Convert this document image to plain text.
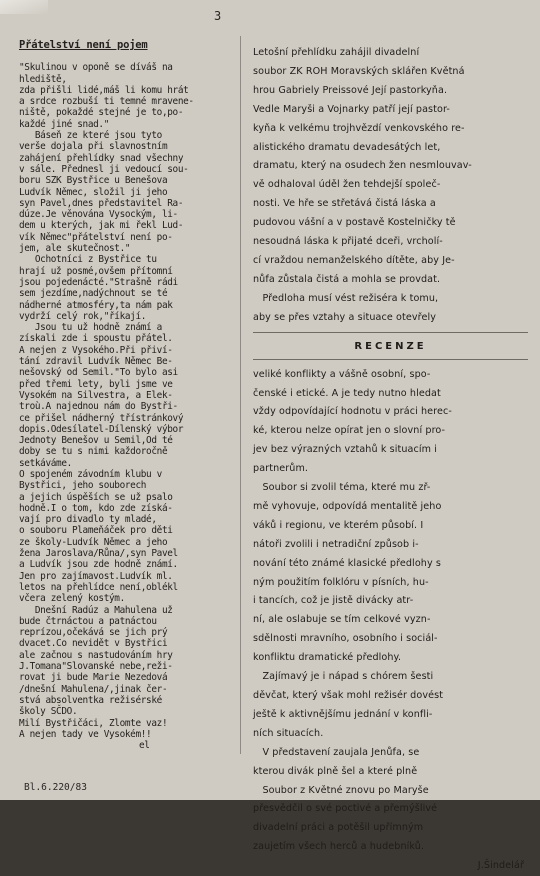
3
Přátelství není pojem

"Skulinou v oponě se díváš na

hlediště,

zda přišli lidé,máš li komu hrát

a srdce rozbuší ti temné mravene-

niště, pokaždé stejné je to,po-

každé jiné snad."

Báseň ze které jsou tyto

verše dojala při slavnostním

zahájení přehlídky snad všechny

v sále. Přednesl ji vedoucí sou-

boru SZK Bystřice u Benešova

Ludvík Němec, složil ji jeho

syn Pavel,dnes představitel Ra-

dúze.Je věnována Vysockým, li-

dem u kterých, jak mi řekl Lud-

vík Němec"přátelství není po-

jem, ale skutečnost."

Ochotníci z Bystřice tu

hrají už posmé,ovšem přítomní

jsou pojedenácté."Strašně rádi

sem jezdíme,nadýchnout se té

nádherné atmosféry,ta nám pak

vydrží celý rok,"říkají.

Jsou tu už hodně známí a

získali zde i spoustu přátel.

A nejen z Vysokého.Při přiví-

tání zdravil Ludvík Němec Be-

nešovský od Semil."To bylo asi

před třemi lety, byli jsme ve

Vysokém na Silvestra, a Elek-

troù.A najednou nám do Bystři-

ce přišel nádherný třístránkový

dopis.Odesílatel-Dílenský výbor

Jednoty Benešov u Semil,Od té

doby se tu s nimi každoročně

setkáváme.

O spojeném závodním klubu v

Bystřici, jeho souborech

a jejich úspěších se už psalo

hodně.I o tom, kdo zde získá-

vají pro divadlo ty mladé,

o souboru Plameňáček pro děti

ze školy-Ludvík Němec a jeho

žena Jaroslava/Růna/,syn Pavel

a Ludvík jsou zde hodně známí.

Jen pro zajímavost.Ludvík ml.

letos na přehlídce není,oblékl

včera zelený kostým.

Dnešní Radúz a Mahulena už

bude čtrnáctou a patnáctou

reprízou,očekává se jich prý

dvacet.Co nevidět v Bystřici

ale začnou s nastudováním hry

J.Tomana"Slovanské nebe,reži-

rovat ji bude Marie Nezedová

/dnešní Mahulena/,jinak čer-

stvá absolventka režisérské

školy SČDO.

Milí Bystřičáci, Zlomte vaz!

A nejen tady ve Vysokém!!

el

Letošní přehlídku zahájil divadelní

soubor ZK ROH Moravských sklářen Květná

hrou Gabriely Preissové Její pastorkyňa.

Vedle Maryši a Vojnarky patří její pastor-

kyňa k velkému trojhvězdí venkovského re-

alistického dramatu devadesátých let,

dramatu, který na osudech žen nesmlouvav-

vě odhaloval úděl žen tehdejší společ-

nosti. Ve hře se střetává čistá láska a

pudovou vášní a v postavě Kostelničky tě

nesoudná láska k přijaté dceři, vrcholí-

cí vraždou nemanželského dítěte, aby Je-

nůfa zůstala čistá a mohla se provdat.

Předloha musí vést režiséra k tomu,

aby se přes vztahy a situace otevřely

RECENZE

veliké konflikty a vášně osobní, spo-

čenské i etické. A je tedy nutno hledat

vždy odpovídající hodnotu v práci herec-

ké, kterou nelze opírat jen o slovní pro-

jev bez výrazných vztahů k situacím i

partnerům.

Soubor si zvolil téma, které mu zř-

mě vyhovuje, odpovídá mentalitě jeho

váků i regionu, ve kterém působí. I

nátoři zvolili i netradiční způsob i-

nování této známé klasické předlohy s

ným použitím folklóru v písních, hu-

i tancích, což je jistě divácky atr-

ní, ale oslabuje se tím celkové vyzn-

sdělnosti mravního, osobního i sociál-

konfliktu dramatické předlohy.

Zajímavý je i nápad s chórem šesti

děvčat, který však mohl režisér dovést

ještě k aktivnějšímu jednání v konfli-

ních situacích.

V představení zaujala Jenůfa, se

kterou divák plně šel a které plně

Soubor z Květné znovu po Maryše

přesvědčil o své poctivé a přemýšlivé

divadelní práci a potěšil upřímným

zaujetím všech herců a hudebníků.

J.Šindelář

Bl.6.220/83
